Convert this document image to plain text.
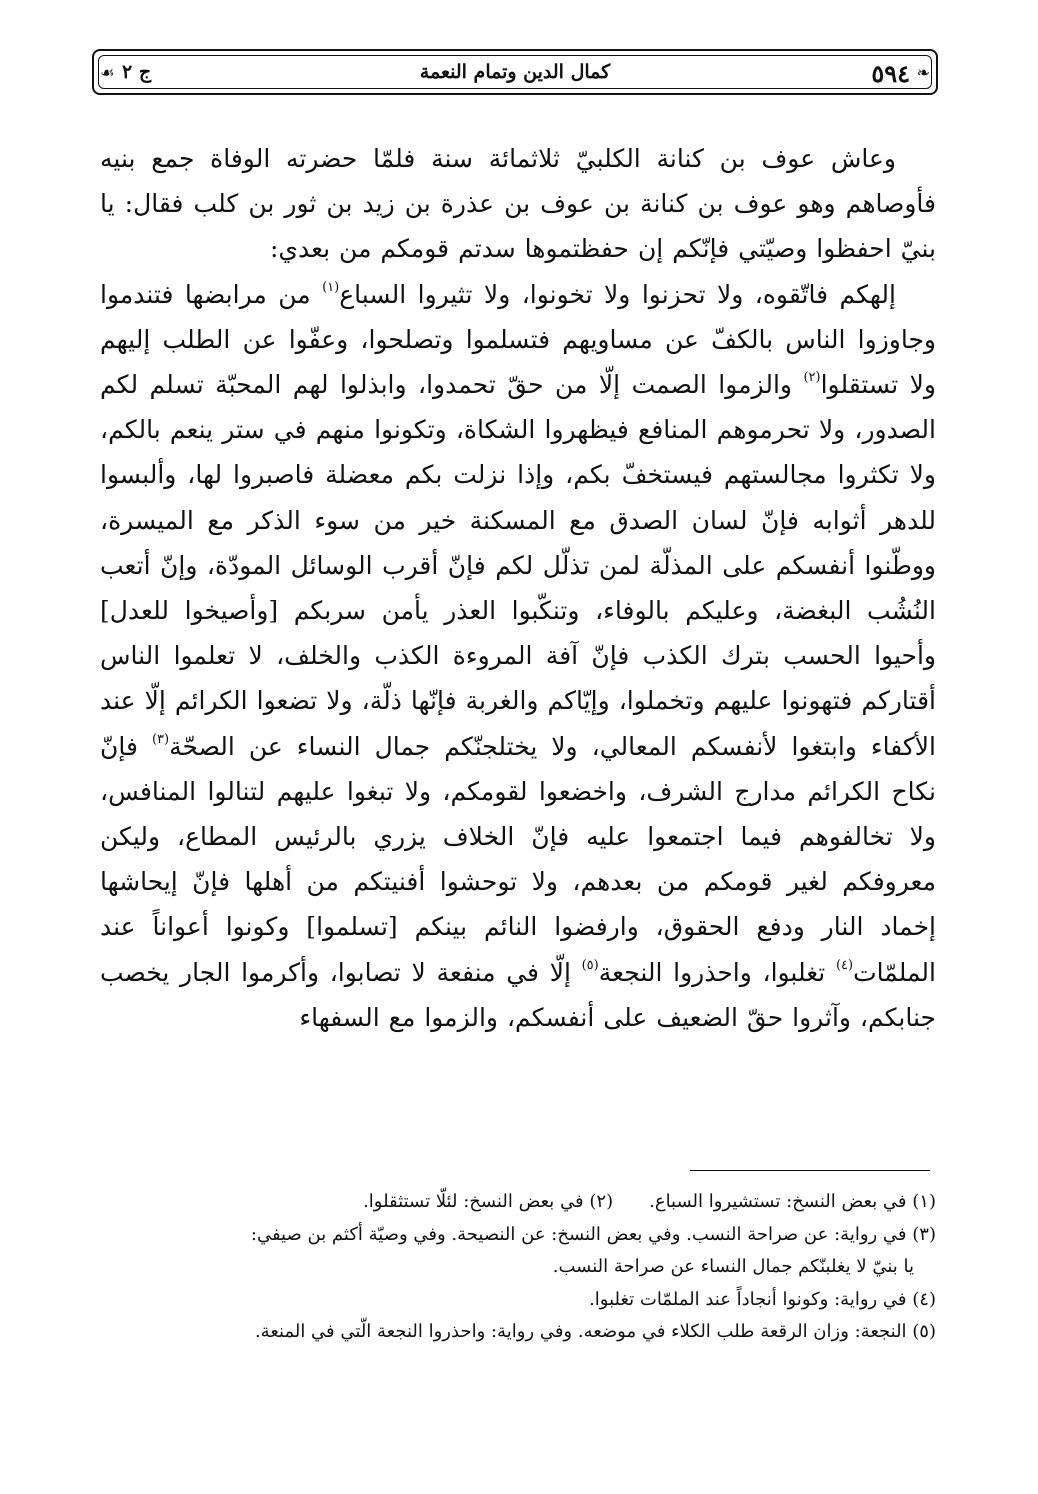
❧
٥٩٤
كمال الدين وتمام النعمة
ج ٢
☙

وعاش عوف بن كنانة الكلبيّ ثلاثمائة سنة فلمّا حضرته الوفاة جمع بنيه فأوصاهم وهو عوف بن كنانة بن عوف بن عذرة بن زيد بن ثور بن كلب فقال: يا بنيّ احفظوا وصيّتي فإنّكم إن حفظتموها سدتم قومكم من بعدي:

إلهكم فاتّقوه، ولا تحزنوا ولا تخونوا، ولا تثيروا السباع$^{(١)}$ من مرابضها فتندموا وجاوزوا الناس بالكفّ عن مساويهم فتسلموا وتصلحوا، وعفّوا عن الطلب إليهم ولا تستقلوا$^{(٢)}$ والزموا الصمت إلّا من حقّ تحمدوا، وابذلوا لهم المحبّة تسلم لكم الصدور، ولا تحرموهم المنافع فيظهروا الشكاة، وتكونوا منهم في ستر ينعم بالكم، ولا تكثروا مجالستهم فيستخفّ بكم، وإذا نزلت بكم معضلة فاصبروا لها، وألبسوا للدهر أثوابه فإنّ لسان الصدق مع المسكنة خير من سوء الذكر مع الميسرة، ووطّنوا أنفسكم على المذلّة لمن تذلّل لكم فإنّ أقرب الوسائل المودّة، وإنّ أتعب النُشُب البغضة، وعليكم بالوفاء، وتنكّبوا العذر يأمن سربكم [وأصيخوا للعدل] وأحيوا الحسب بترك الكذب فإنّ آفة المروءة الكذب والخلف، لا تعلموا الناس أقتاركم فتهونوا عليهم وتخملوا، وإيّاكم والغربة فإنّها ذلّة، ولا تضعوا الكرائم إلّا عند الأكفاء وابتغوا لأنفسكم المعالي، ولا يختلجنّكم جمال النساء عن الصحّة$^{(٣)}$ فإنّ نكاح الكرائم مدارج الشرف، واخضعوا لقومكم، ولا تبغوا عليهم لتنالوا المنافس، ولا تخالفوهم فيما اجتمعوا عليه فإنّ الخلاف يزري بالرئيس المطاع، وليكن معروفكم لغير قومكم من بعدهم، ولا توحشوا أفنيتكم من أهلها فإنّ إيحاشها إخماد النار ودفع الحقوق، وارفضوا النائم بينكم [تسلموا] وكونوا أعواناً عند الملمّات$^{(٤)}$ تغلبوا، واحذروا النجعة$^{(٥)}$ إلّا في منفعة لا تصابوا، وأكرموا الجار يخصب جنابكم، وآثروا حقّ الضعيف على أنفسكم، والزموا مع السفهاء

(١) في بعض النسخ: تستشيروا السباع.(٢) في بعض النسخ: لئلّا تستثقلوا.
(٣) في رواية: عن صراحة النسب. وفي بعض النسخ: عن النصيحة. وفي وصيّة أكثم بن صيفي:
يا بنيّ لا يغلبنّكم جمال النساء عن صراحة النسب.
(٤) في رواية: وكونوا أنجاداً عند الملمّات تغلبوا.
(٥) النجعة: وزان الرقعة طلب الكلاء في موضعه. وفي رواية: واحذروا النجعة الّتي في المنعة.
